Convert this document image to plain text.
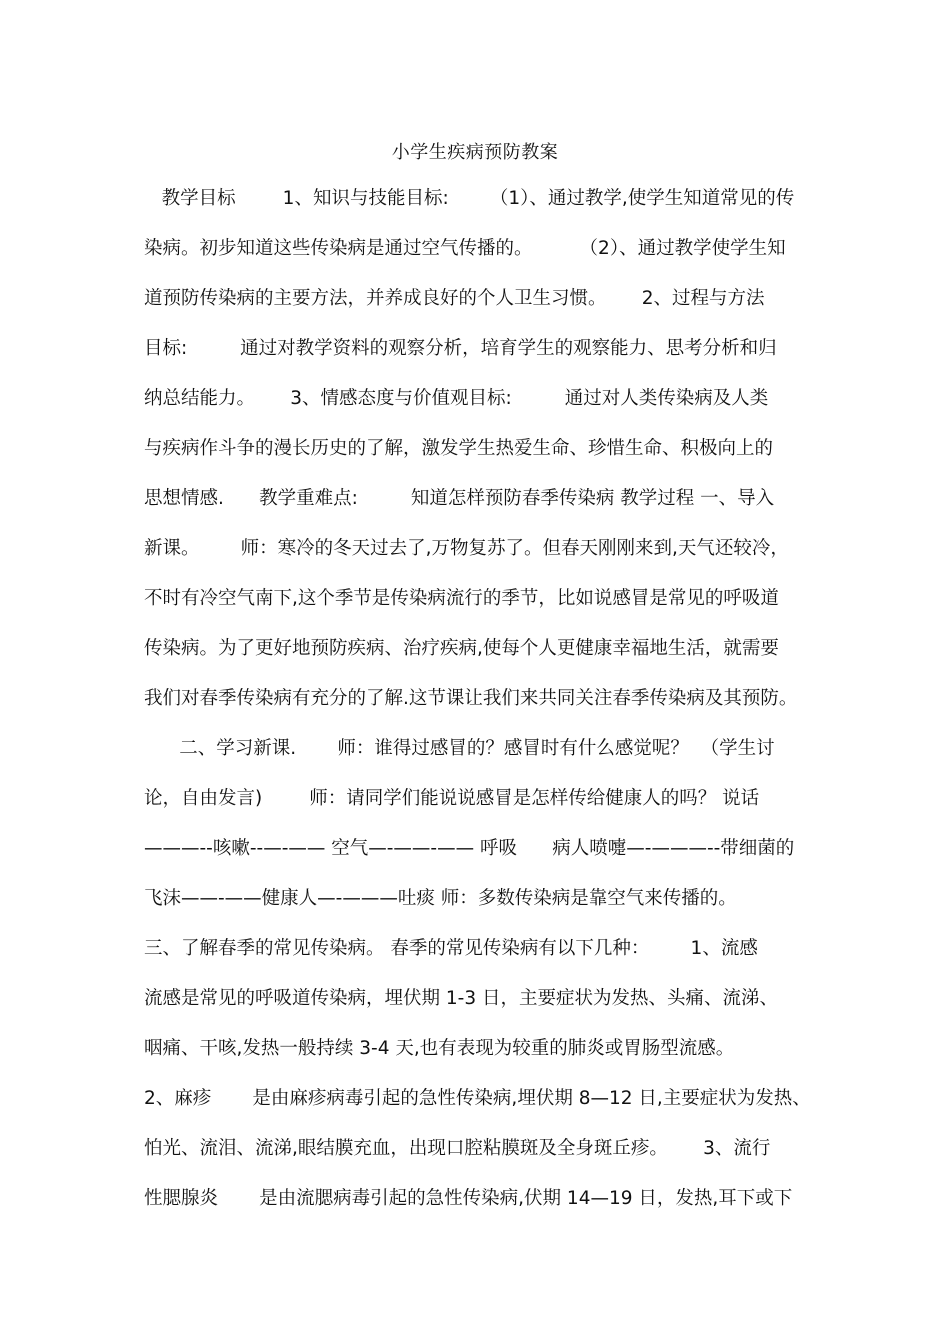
小学生疾病预防教案
教学目标        1、知识与技能目标:       （1）、通过教学,使学生知道常见的传
染病。初步知道这些传染病是通过空气传播的。        （2）、通过教学使学生知
道预防传染病的主要方法，并养成良好的个人卫生习惯。      2、过程与方法
目标:         通过对教学资料的观察分析，培育学生的观察能力、思考分析和归
纳总结能力。      3、情感态度与价值观目标:         通过对人类传染病及人类
与疾病作斗争的漫长历史的了解，激发学生热爱生命、珍惜生命、积极向上的
思想情感.      教学重难点:         知道怎样预防春季传染病 教学过程 一、导入
新课。       师：寒冷的冬天过去了,万物复苏了。但春天刚刚来到,天气还较冷，
不时有冷空气南下,这个季节是传染病流行的季节，比如说感冒是常见的呼吸道
传染病。为了更好地预防疾病、治疗疾病,使每个人更健康幸福地生活，就需要
我们对春季传染病有充分的了解.这节课让我们来共同关注春季传染病及其预防。
二、学习新课.       师：谁得过感冒的？感冒时有什么感觉呢？  （学生讨
论，自由发言)        师：请同学们能说说感冒是怎样传给健康人的吗？ 说话
———--咳嗽--—-—— 空气—-——-—— 呼吸      病人喷嚏—-———--带细菌的
飞沫——-——健康人—-———吐痰 师：多数传染病是靠空气来传播的。
三、了解春季的常见传染病。 春季的常见传染病有以下几种：       1、流感
流感是常见的呼吸道传染病，埋伏期 1-3 日，主要症状为发热、头痛、流涕、
咽痛、干咳,发热一般持续 3-4 天,也有表现为较重的肺炎或胃肠型流感。
2、麻疹       是由麻疹病毒引起的急性传染病,埋伏期 8—12 日,主要症状为发热、
怕光、流泪、流涕,眼结膜充血，出现口腔粘膜斑及全身斑丘疹。      3、流行
性腮腺炎       是由流腮病毒引起的急性传染病,伏期 14—19 日，发热,耳下或下
